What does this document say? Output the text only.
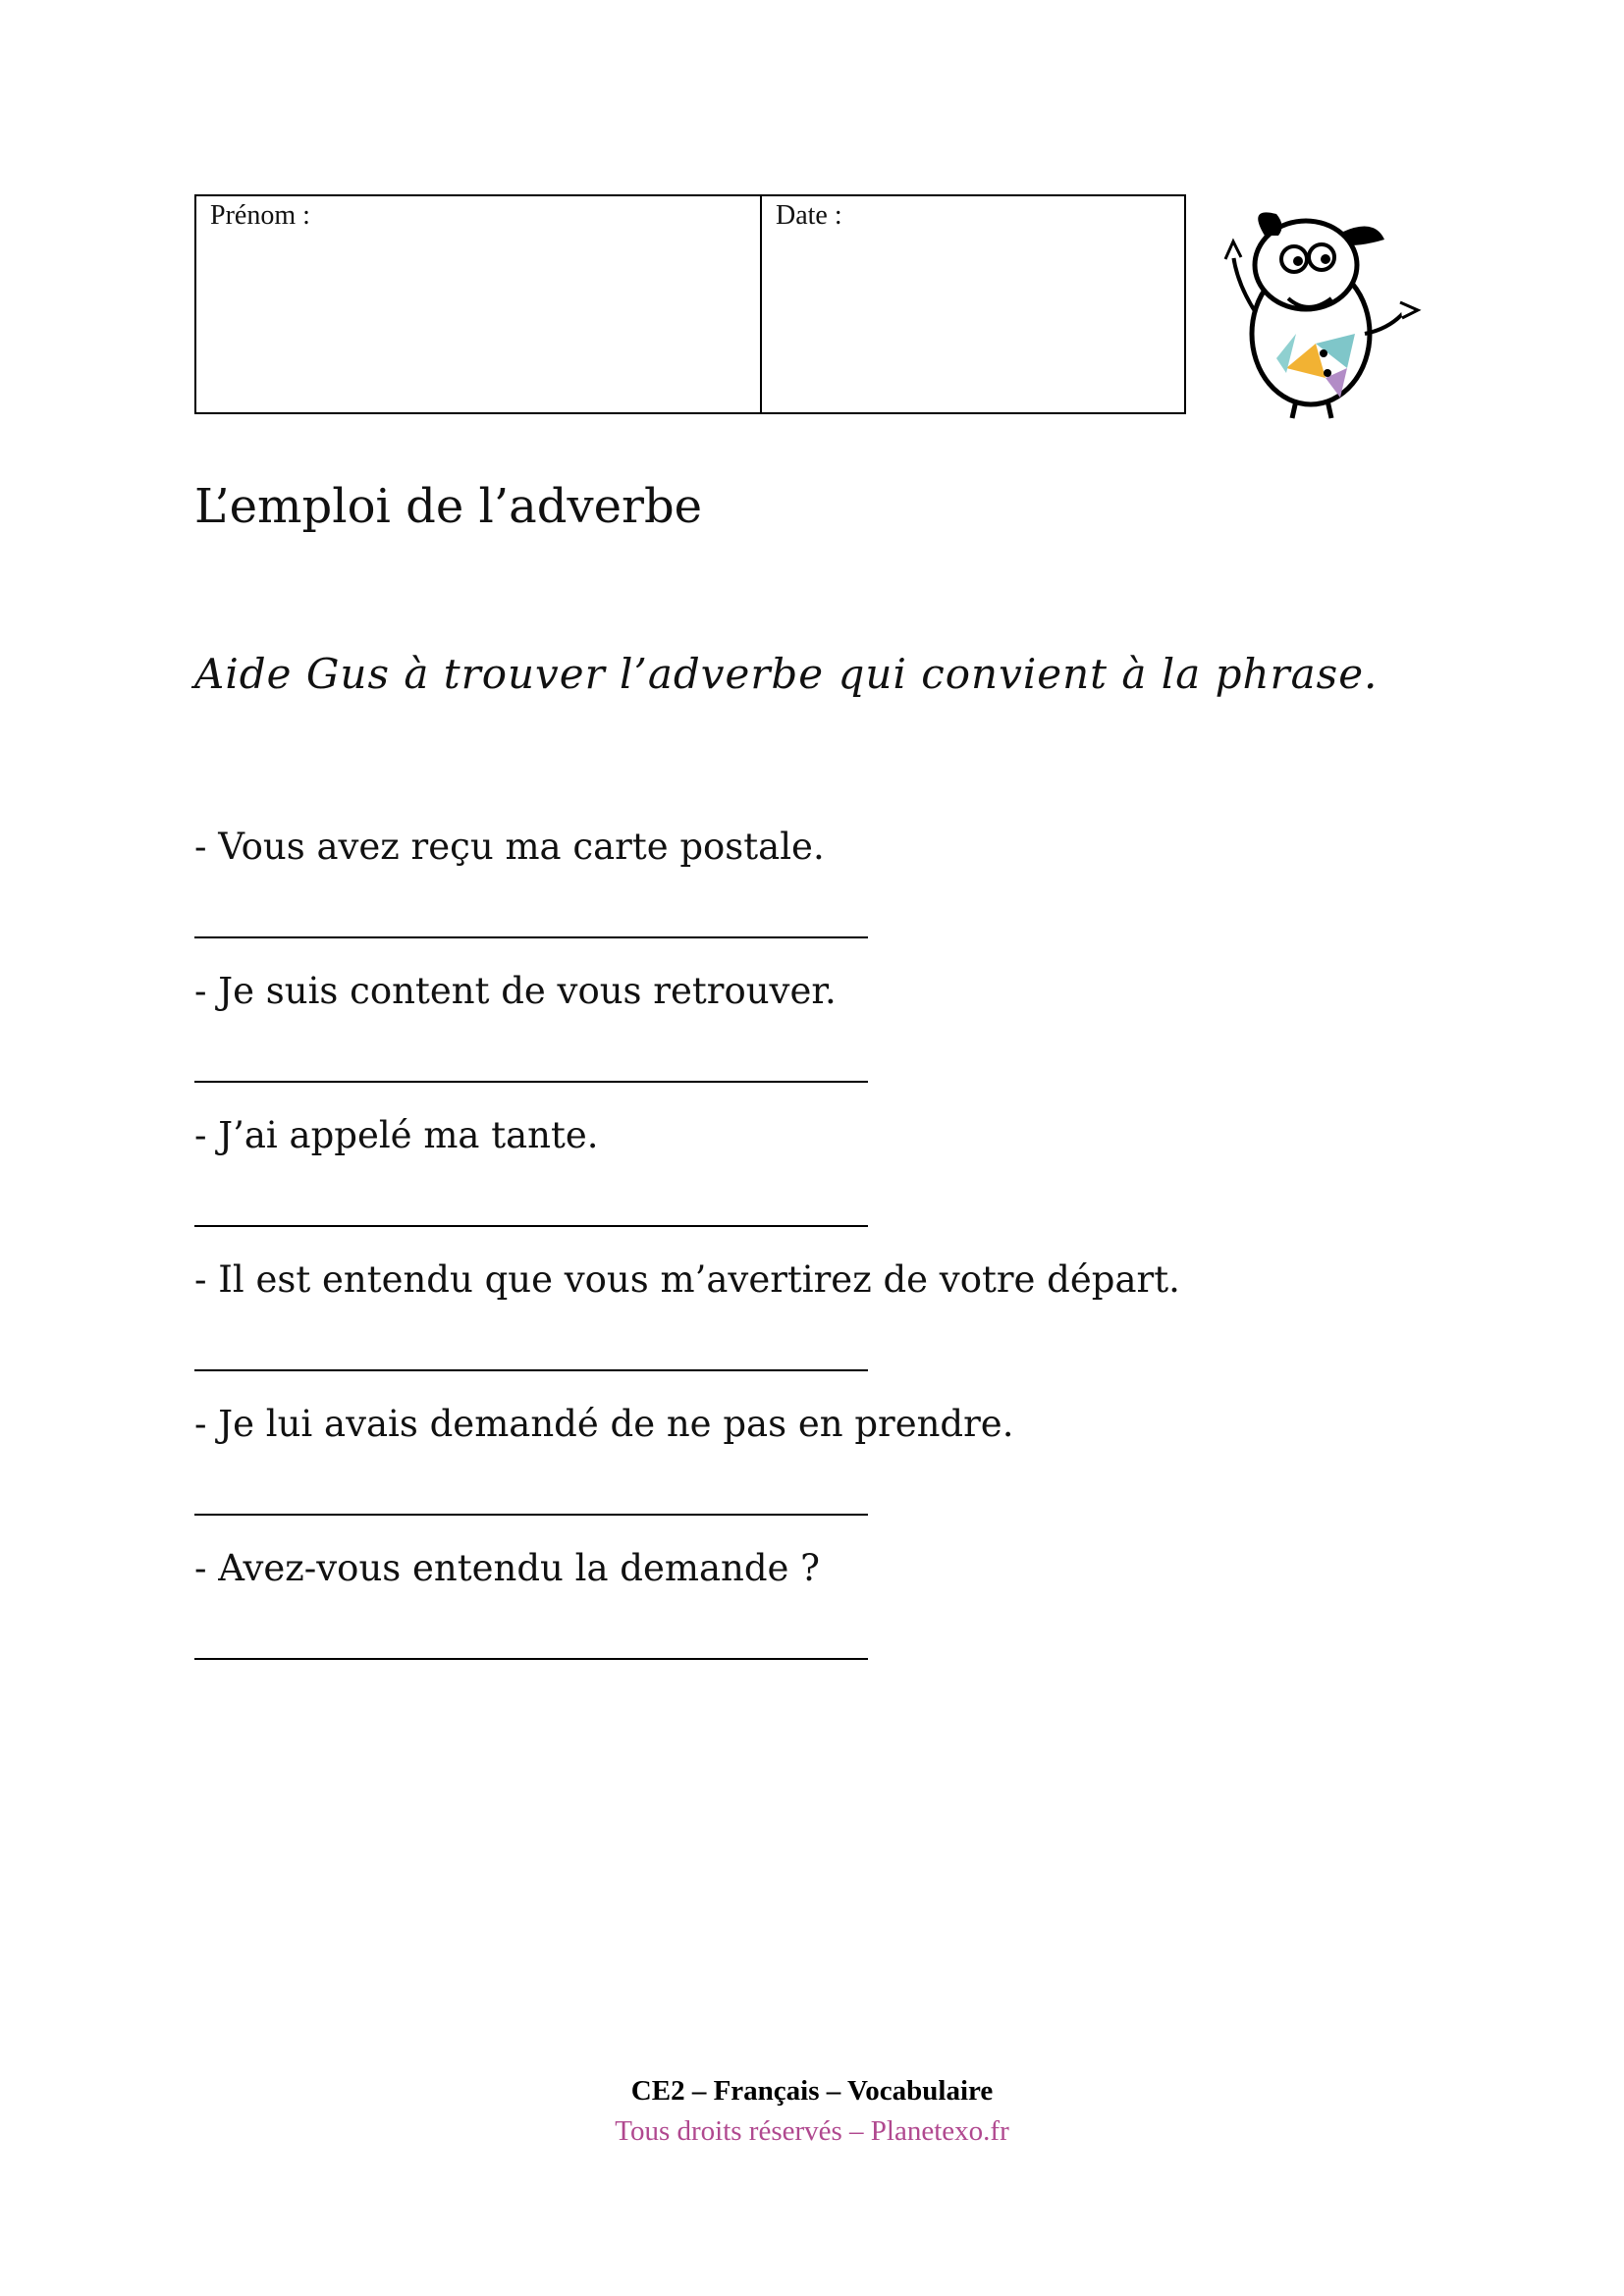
Prénom :	Date :
L’emploi de l’adverbe

Aide Gus à trouver l’adverbe qui convient à la phrase.

- Vous avez reçu ma carte postale.

- Je suis content de vous retrouver.

- J’ai appelé ma tante.

- Il est entendu que vous m’avertirez de votre départ.

- Je lui avais demandé de ne pas en prendre.

- Avez-vous entendu la demande ?

CE2 – Français – Vocabulaire
Tous droits réservés – Planetexo.fr
